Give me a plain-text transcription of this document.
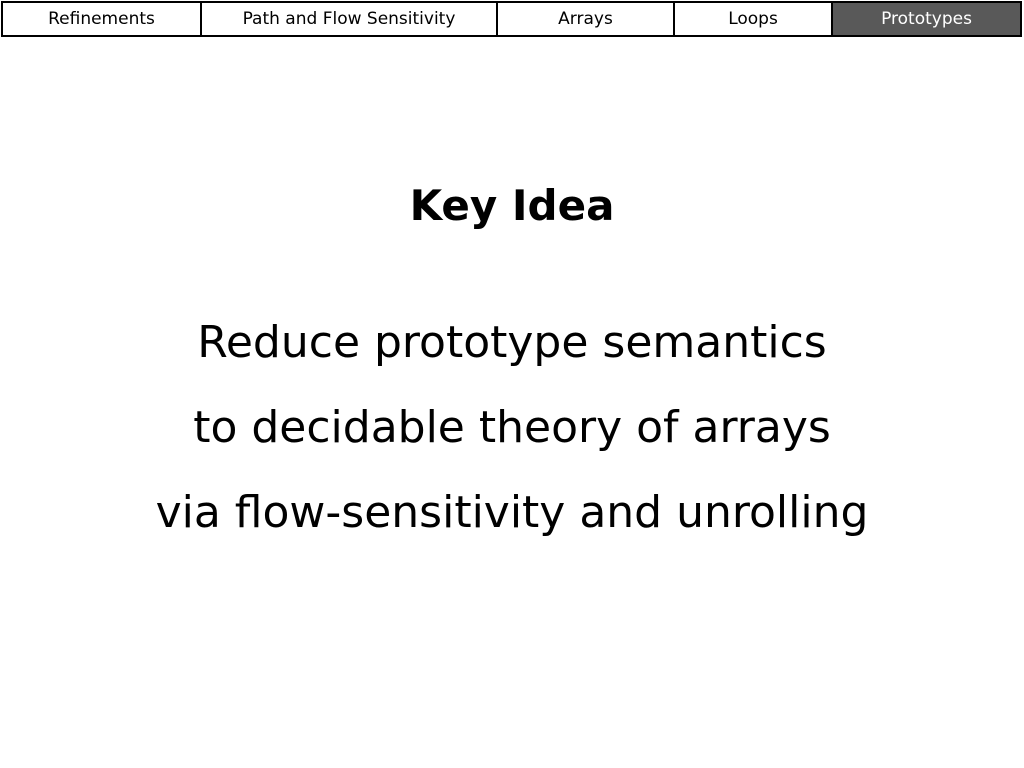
Refinements	Path and Flow Sensitivity	Arrays	Loops	Prototypes
Key Idea
Reduce prototype semantics
to decidable theory of arrays
via flow-sensitivity and unrolling
